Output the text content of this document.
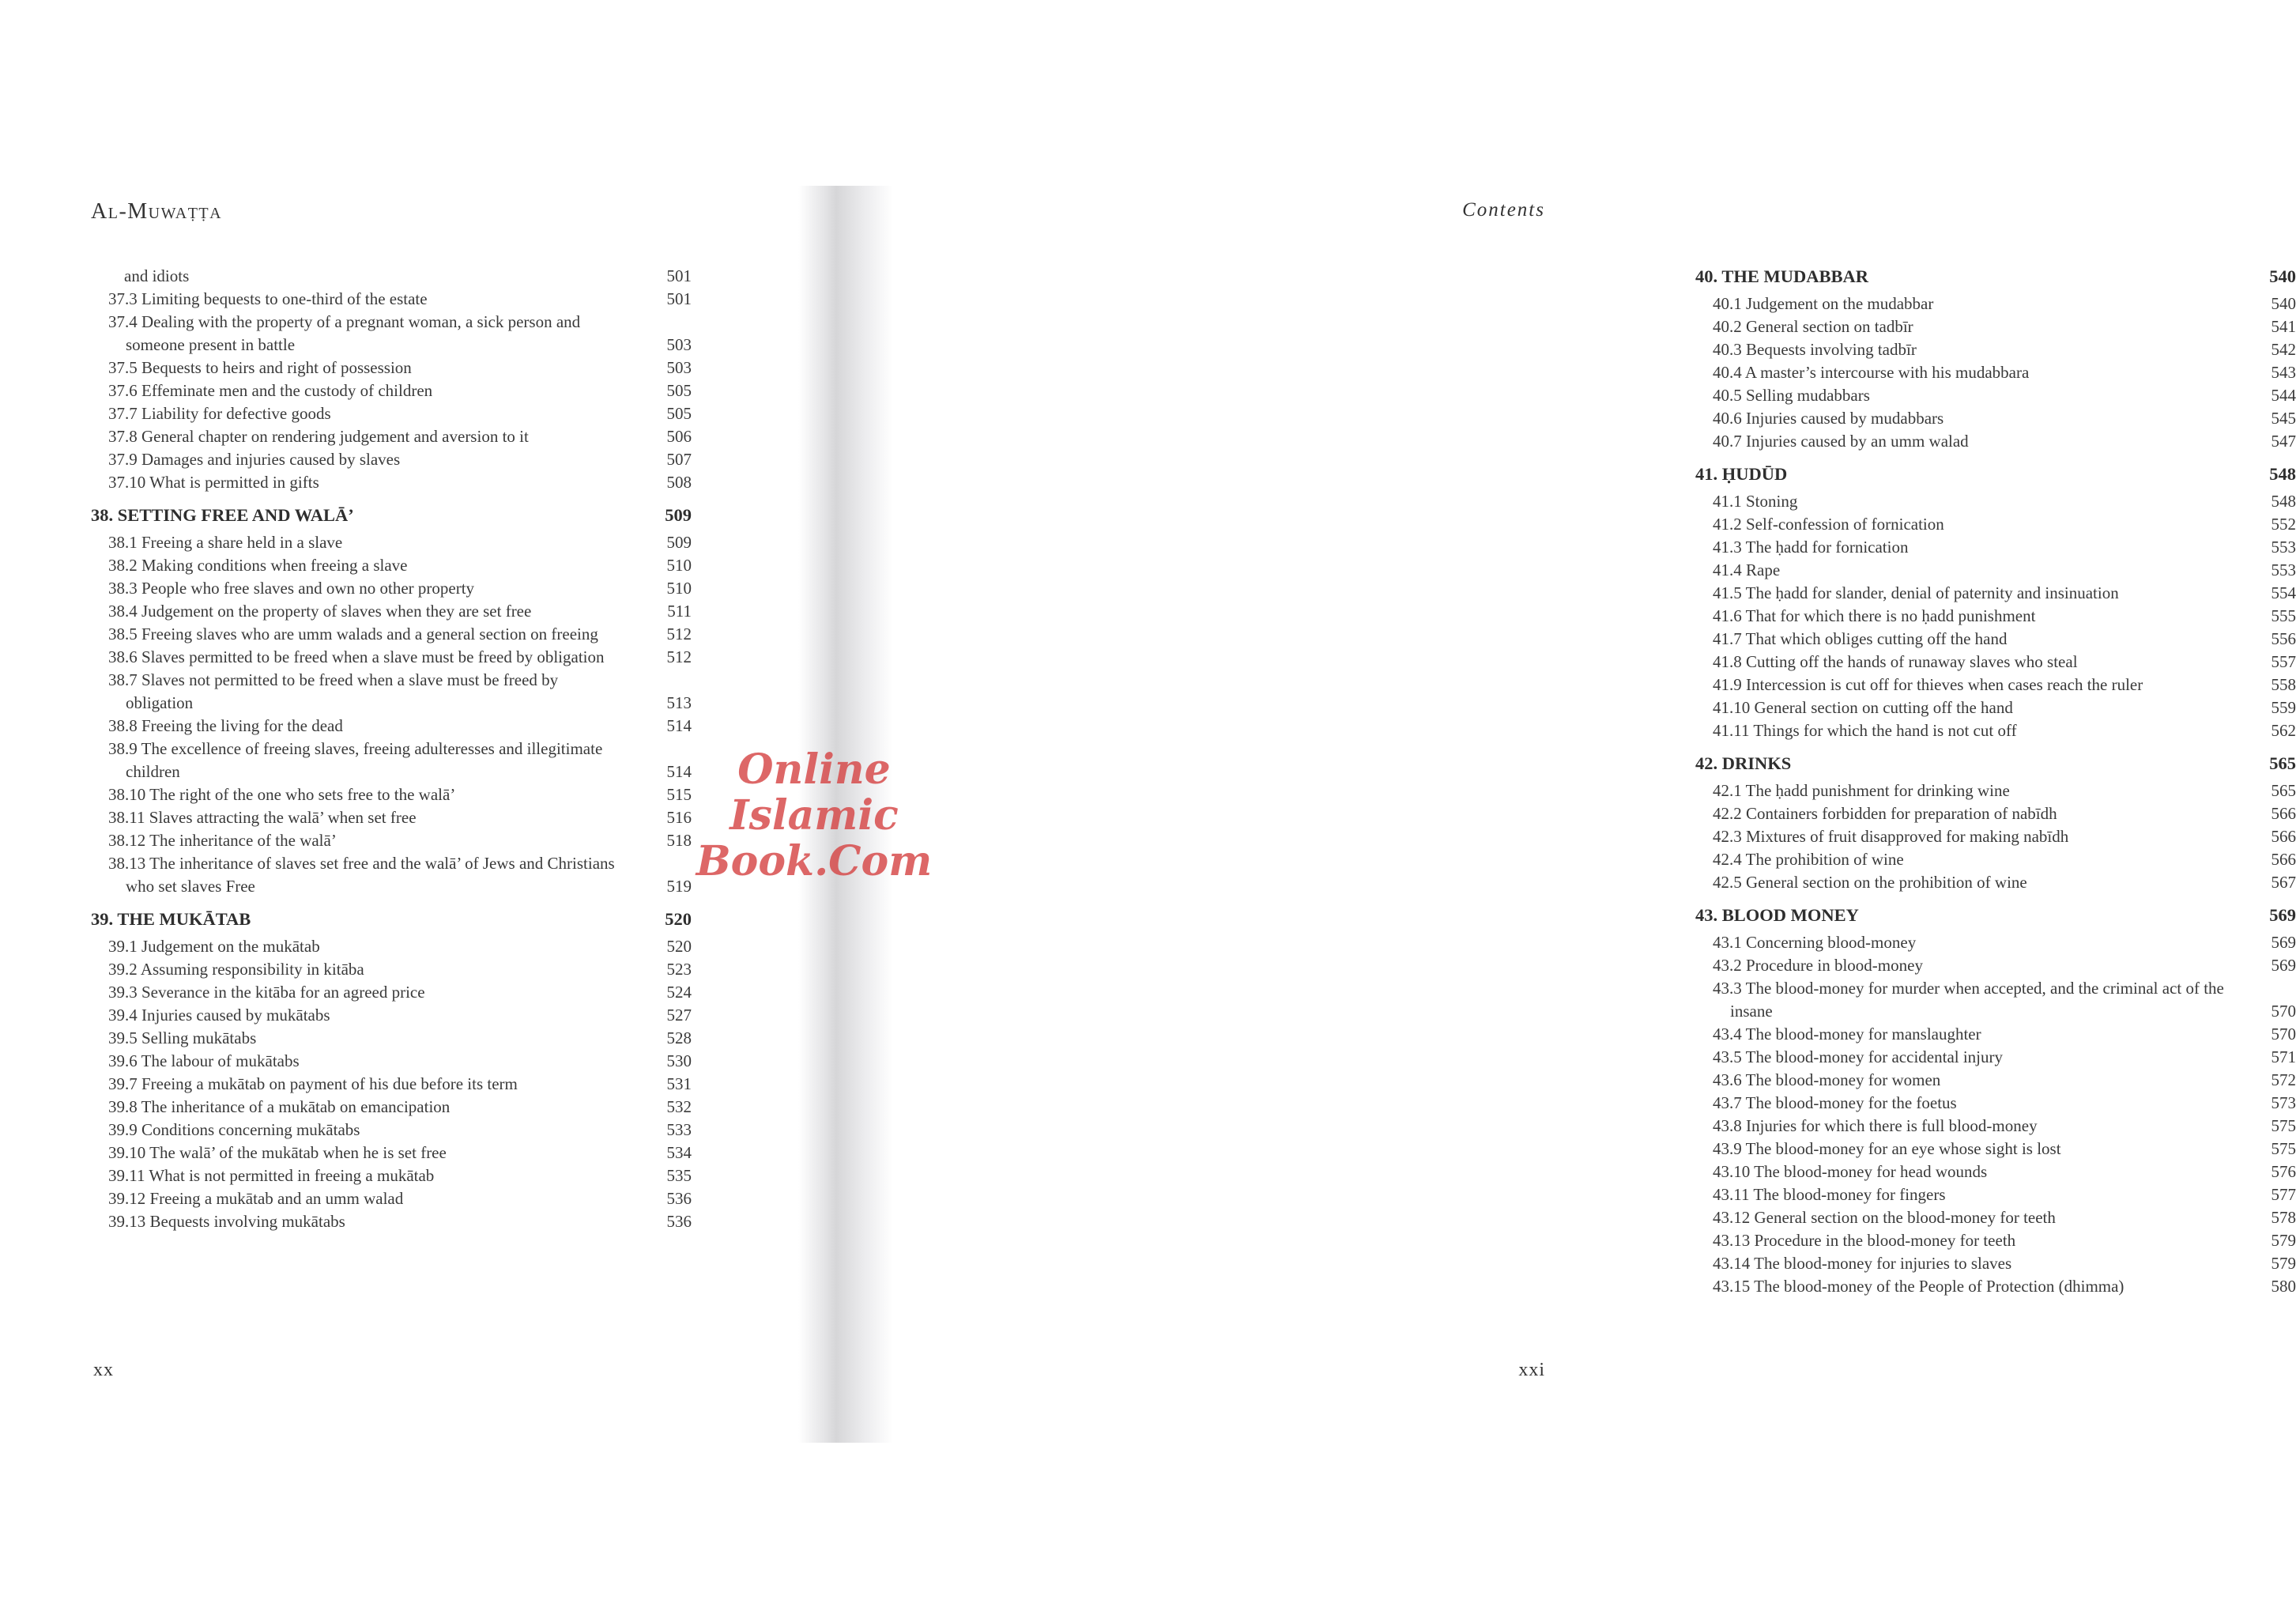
Al-Muwaṭṭa
and idiots	501
37.3 Limiting bequests to one-third of the estate	501
37.4 Dealing with the property of a pregnant woman, a sick person and someone present in battle	503
37.5 Bequests to heirs and right of possession	503
37.6 Effeminate men and the custody of children	505
37.7 Liability for defective goods	505
37.8 General chapter on rendering judgement and aversion to it	506
37.9 Damages and injuries caused by slaves	507
37.10 What is permitted in gifts	508
38. SETTING FREE AND WALĀ’	509
38.1 Freeing a share held in a slave	509
38.2 Making conditions when freeing a slave	510
38.3 People who free slaves and own no other property	510
38.4 Judgement on the property of slaves when they are set free	511
38.5 Freeing slaves who are umm walads and a general section on freeing	512
38.6 Slaves permitted to be freed when a slave must be freed by obligation	512
38.7 Slaves not permitted to be freed when a slave must be freed by obligation	513
38.8 Freeing the living for the dead	514
38.9 The excellence of freeing slaves, freeing adulteresses and illegitimate children	514
38.10 The right of the one who sets free to the walā’	515
38.11 Slaves attracting the walā’ when set free	516
38.12 The inheritance of the walā’	518
38.13 The inheritance of slaves set free and the walā’ of Jews and Christians who set slaves Free	519
39. THE MUKĀTAB	520
39.1 Judgement on the mukātab	520
39.2 Assuming responsibility in kitāba	523
39.3 Severance in the kitāba for an agreed price	524
39.4 Injuries caused by mukātabs	527
39.5 Selling mukātabs	528
39.6 The labour of mukātabs	530
39.7 Freeing a mukātab on payment of his due before its term	531
39.8 The inheritance of a mukātab on emancipation	532
39.9 Conditions concerning mukātabs	533
39.10 The walā’ of the mukātab when he is set free	534
39.11 What is not permitted in freeing a mukātab	535
39.12 Freeing a mukātab and an umm walad	536
39.13 Bequests involving mukātabs	536
xx
Contents
40. THE MUDABBAR	540
40.1 Judgement on the mudabbar	540
40.2 General section on tadbīr	541
40.3 Bequests involving tadbīr	542
40.4 A master’s intercourse with his mudabbara	543
40.5 Selling mudabbars	544
40.6 Injuries caused by mudabbars	545
40.7 Injuries caused by an umm walad	547
41. ḤUDŪD	548
41.1 Stoning	548
41.2 Self-confession of fornication	552
41.3 The ḥadd for fornication	553
41.4 Rape	553
41.5 The ḥadd for slander, denial of paternity and insinuation	554
41.6 That for which there is no ḥadd punishment	555
41.7 That which obliges cutting off the hand	556
41.8 Cutting off the hands of runaway slaves who steal	557
41.9 Intercession is cut off for thieves when cases reach the ruler	558
41.10 General section on cutting off the hand	559
41.11 Things for which the hand is not cut off	562
42. DRINKS	565
42.1 The ḥadd punishment for drinking wine	565
42.2 Containers forbidden for preparation of nabīdh	566
42.3 Mixtures of fruit disapproved for making nabīdh	566
42.4 The prohibition of wine	566
42.5 General section on the prohibition of wine	567
43. BLOOD MONEY	569
43.1 Concerning blood-money	569
43.2 Procedure in blood-money	569
43.3 The blood-money for murder when accepted, and the criminal act of the insane	570
43.4 The blood-money for manslaughter	570
43.5 The blood-money for accidental injury	571
43.6 The blood-money for women	572
43.7 The blood-money for the foetus	573
43.8 Injuries for which there is full blood-money	575
43.9 The blood-money for an eye whose sight is lost	575
43.10 The blood-money for head wounds	576
43.11 The blood-money for fingers	577
43.12 General section on the blood-money for teeth	578
43.13 Procedure in the blood-money for teeth	579
43.14 The blood-money for injuries to slaves	579
43.15 The blood-money of the People of Protection (dhimma)	580
xxi
Online Islamic
Book.Com
